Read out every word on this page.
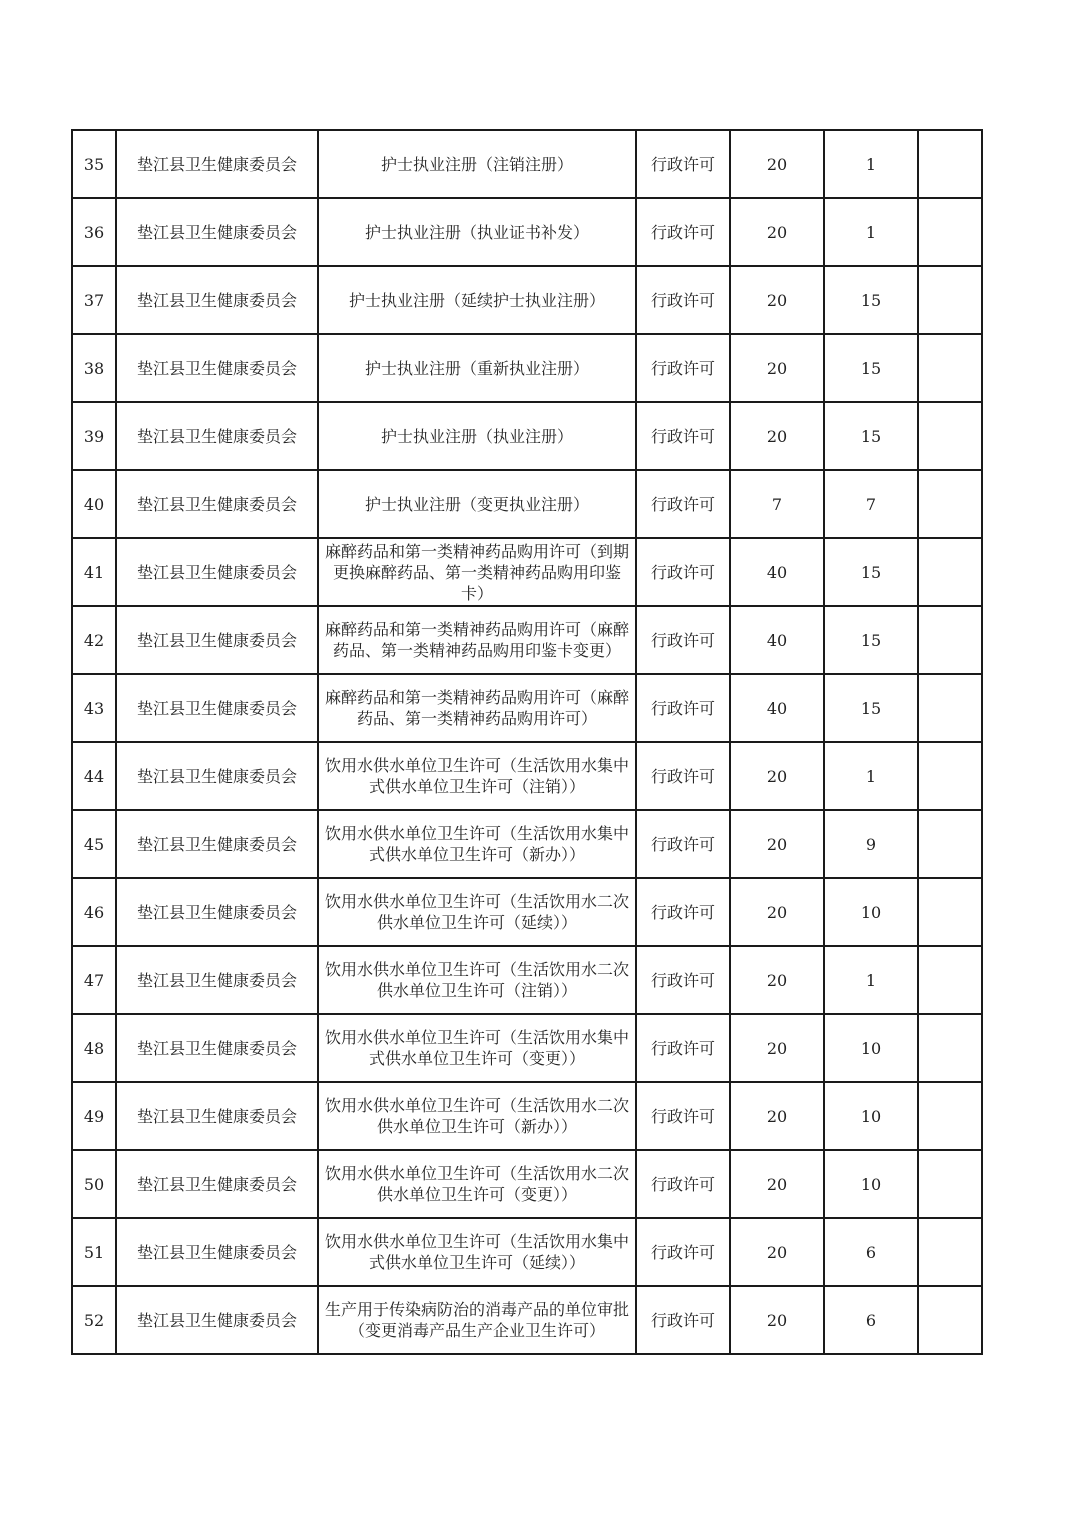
35	垫江县卫生健康委员会	护士执业注册（注销注册）	行政许可	20	1	
36	垫江县卫生健康委员会	护士执业注册（执业证书补发）	行政许可	20	1	
37	垫江县卫生健康委员会	护士执业注册（延续护士执业注册）	行政许可	20	15	
38	垫江县卫生健康委员会	护士执业注册（重新执业注册）	行政许可	20	15	
39	垫江县卫生健康委员会	护士执业注册（执业注册）	行政许可	20	15	
40	垫江县卫生健康委员会	护士执业注册（变更执业注册）	行政许可	7	7	
41	垫江县卫生健康委员会	麻醉药品和第一类精神药品购用许可（到期更换麻醉药品、第一类精神药品购用印鉴卡）	行政许可	40	15	
42	垫江县卫生健康委员会	麻醉药品和第一类精神药品购用许可（麻醉药品、第一类精神药品购用印鉴卡变更）	行政许可	40	15	
43	垫江县卫生健康委员会	麻醉药品和第一类精神药品购用许可（麻醉药品、第一类精神药品购用许可）	行政许可	40	15	
44	垫江县卫生健康委员会	饮用水供水单位卫生许可（生活饮用水集中式供水单位卫生许可（注销））	行政许可	20	1	
45	垫江县卫生健康委员会	饮用水供水单位卫生许可（生活饮用水集中式供水单位卫生许可（新办））	行政许可	20	9	
46	垫江县卫生健康委员会	饮用水供水单位卫生许可（生活饮用水二次供水单位卫生许可（延续））	行政许可	20	10	
47	垫江县卫生健康委员会	饮用水供水单位卫生许可（生活饮用水二次供水单位卫生许可（注销））	行政许可	20	1	
48	垫江县卫生健康委员会	饮用水供水单位卫生许可（生活饮用水集中式供水单位卫生许可（变更））	行政许可	20	10	
49	垫江县卫生健康委员会	饮用水供水单位卫生许可（生活饮用水二次供水单位卫生许可（新办））	行政许可	20	10	
50	垫江县卫生健康委员会	饮用水供水单位卫生许可（生活饮用水二次供水单位卫生许可（变更））	行政许可	20	10	
51	垫江县卫生健康委员会	饮用水供水单位卫生许可（生活饮用水集中式供水单位卫生许可（延续））	行政许可	20	6	
52	垫江县卫生健康委员会	生产用于传染病防治的消毒产品的单位审批（变更消毒产品生产企业卫生许可）	行政许可	20	6	
